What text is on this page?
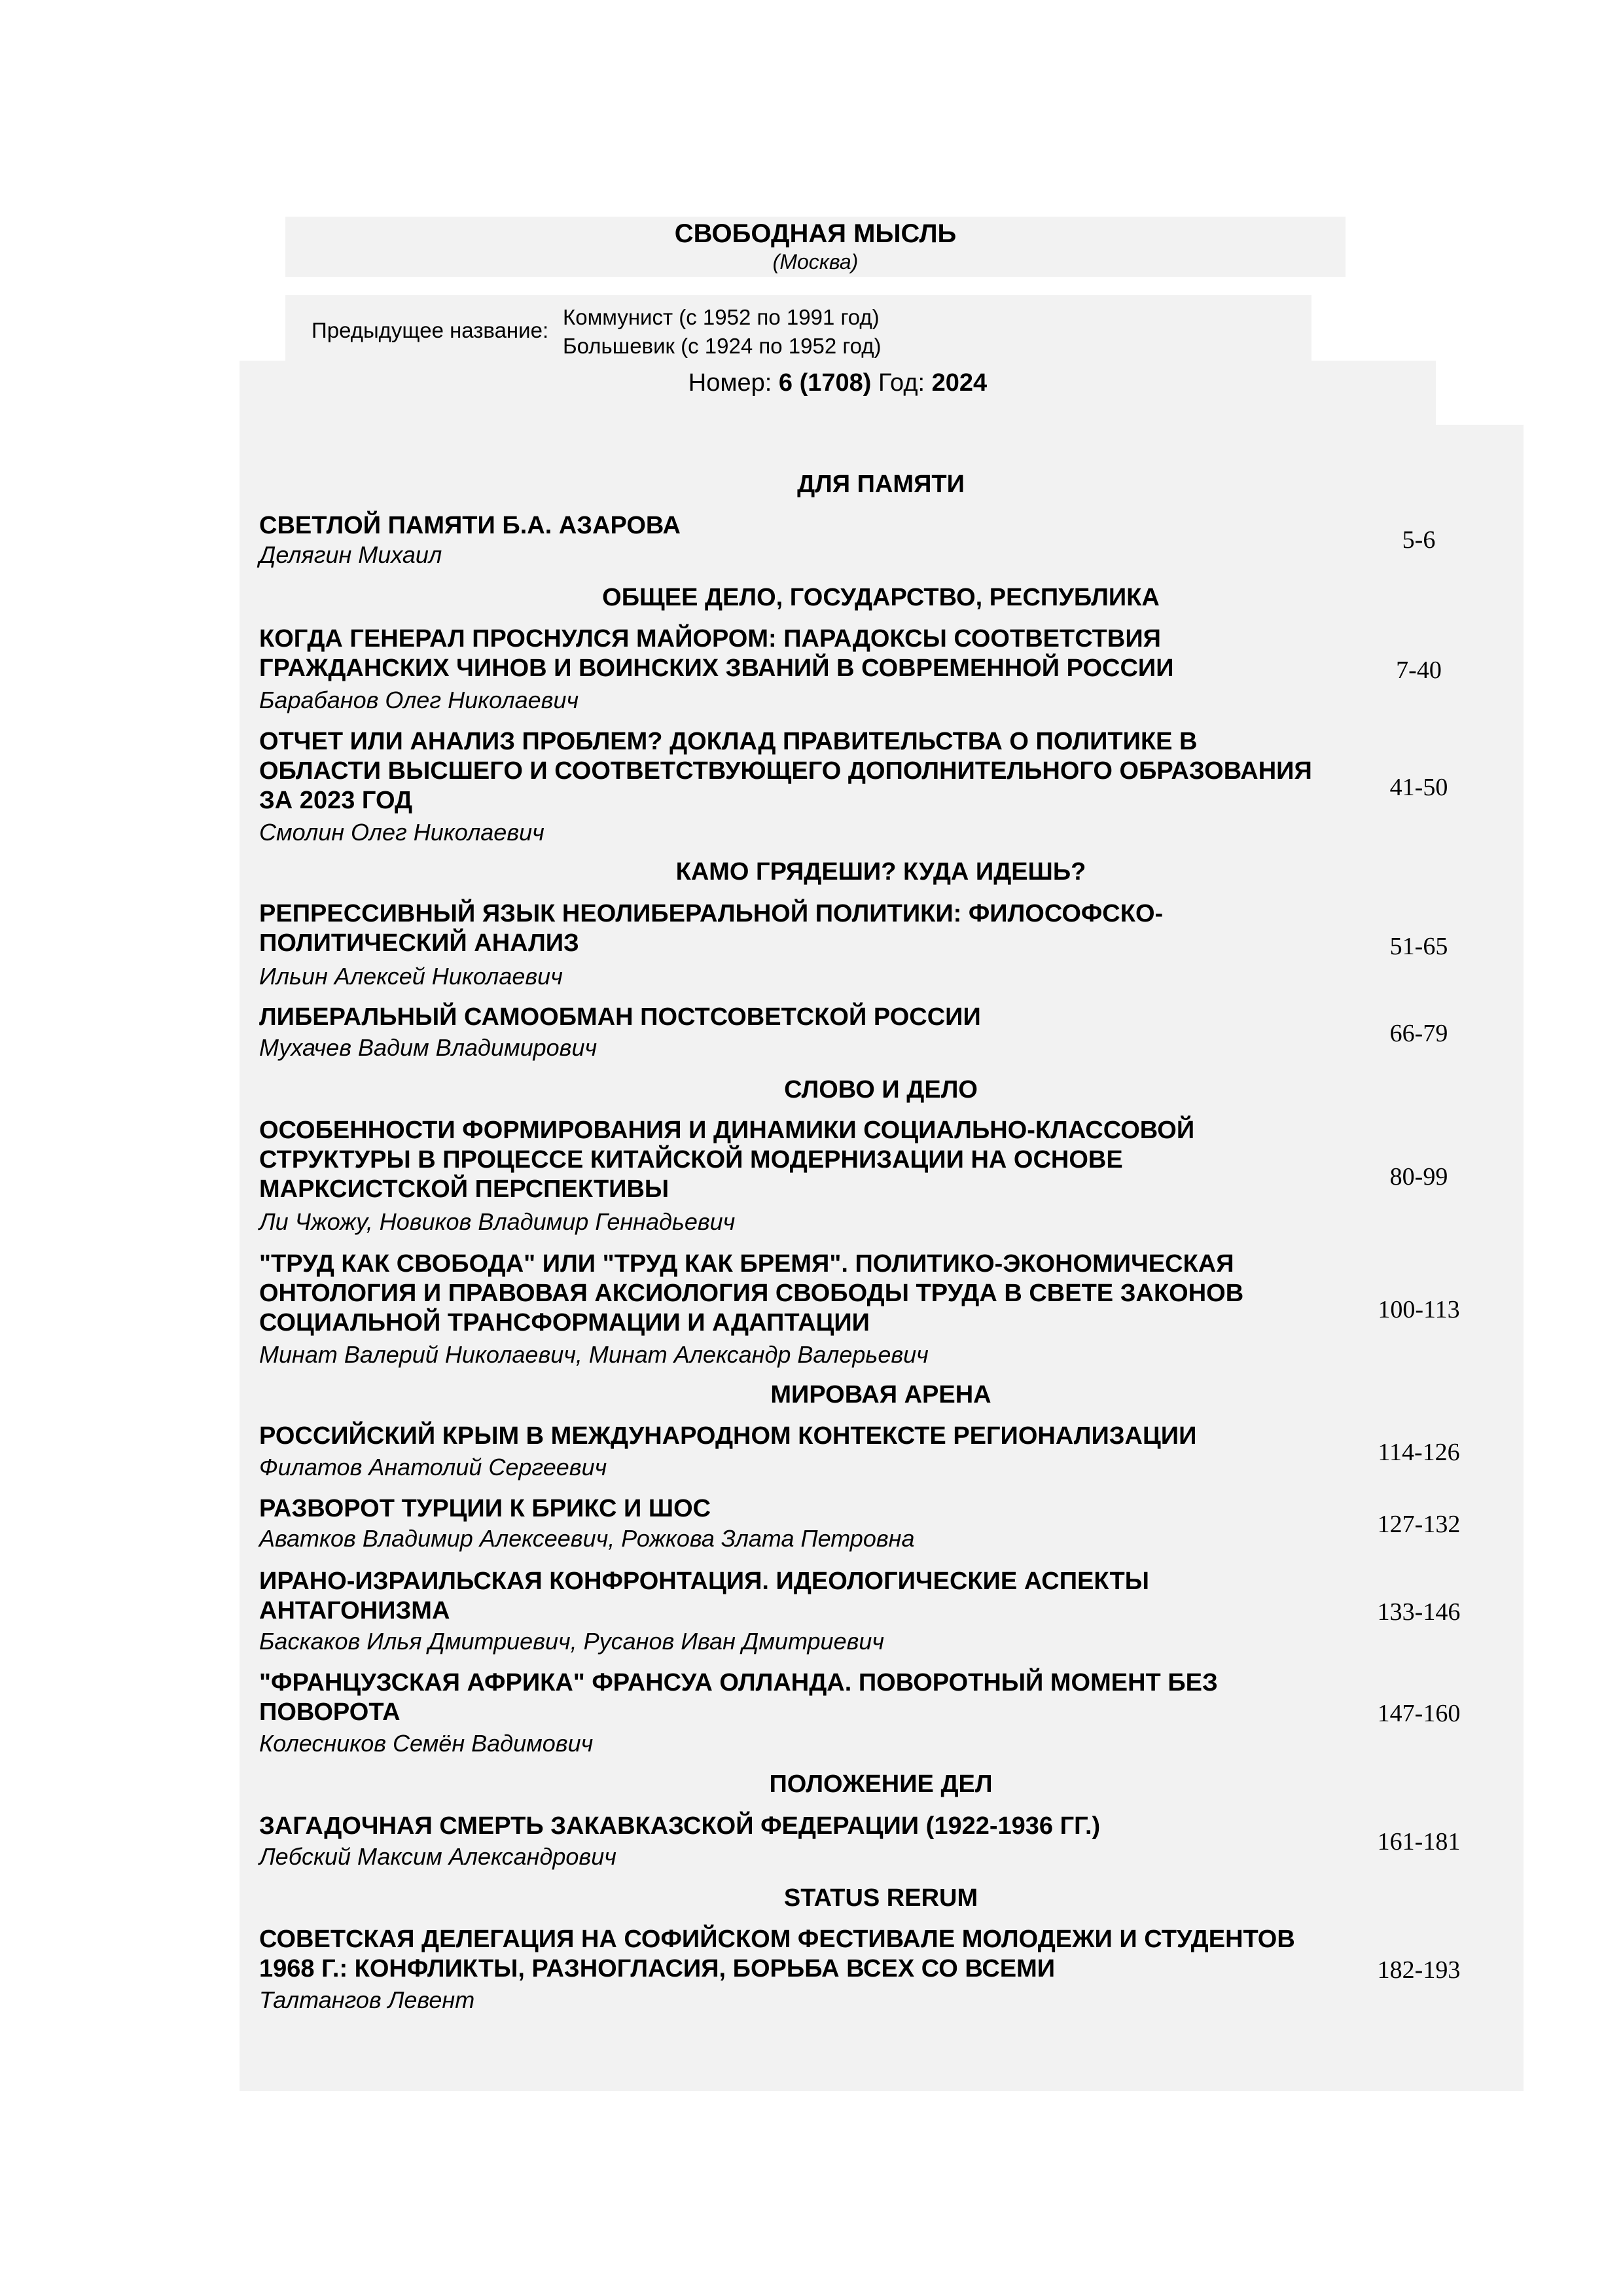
СВОБОДНАЯ МЫСЛЬ
(Москва)
Предыдущее название:
Коммунист (с 1952 по 1991 год)
Большевик (с 1924 по 1952 год)
Номер: 6 (1708) Год: 2024
ДЛЯ ПАМЯТИ
СВЕТЛОЙ ПАМЯТИ Б.А. АЗАРОВА
Делягин Михаил
5-6
ОБЩЕЕ ДЕЛО, ГОСУДАРСТВО, РЕСПУБЛИКА
КОГДА ГЕНЕРАЛ ПРОСНУЛСЯ МАЙОРОМ: ПАРАДОКСЫ СООТВЕТСТВИЯ
ГРАЖДАНСКИХ ЧИНОВ И ВОИНСКИХ ЗВАНИЙ В СОВРЕМЕННОЙ РОССИИ
Барабанов Олег Николаевич
7-40
ОТЧЕТ ИЛИ АНАЛИЗ ПРОБЛЕМ? ДОКЛАД ПРАВИТЕЛЬСТВА О ПОЛИТИКЕ В
ОБЛАСТИ ВЫСШЕГО И СООТВЕТСТВУЮЩЕГО ДОПОЛНИТЕЛЬНОГО ОБРАЗОВАНИЯ
ЗА 2023 ГОД
Смолин Олег Николаевич
41-50
КАМО ГРЯДЕШИ? КУДА ИДЕШЬ?
РЕПРЕССИВНЫЙ ЯЗЫК НЕОЛИБЕРАЛЬНОЙ ПОЛИТИКИ: ФИЛОСОФСКО-
ПОЛИТИЧЕСКИЙ АНАЛИЗ
Ильин Алексей Николаевич
51-65
ЛИБЕРАЛЬНЫЙ САМООБМАН ПОСТСОВЕТСКОЙ РОССИИ
Мухачев Вадим Владимирович
66-79
СЛОВО И ДЕЛО
ОСОБЕННОСТИ ФОРМИРОВАНИЯ И ДИНАМИКИ СОЦИАЛЬНО-КЛАССОВОЙ
СТРУКТУРЫ В ПРОЦЕССЕ КИТАЙСКОЙ МОДЕРНИЗАЦИИ НА ОСНОВЕ
МАРКСИСТСКОЙ ПЕРСПЕКТИВЫ
Ли Чжожу, Новиков Владимир Геннадьевич
80-99
"ТРУД КАК СВОБОДА" ИЛИ "ТРУД КАК БРЕМЯ". ПОЛИТИКО-ЭКОНОМИЧЕСКАЯ
ОНТОЛОГИЯ И ПРАВОВАЯ АКСИОЛОГИЯ СВОБОДЫ ТРУДА В СВЕТЕ ЗАКОНОВ
СОЦИАЛЬНОЙ ТРАНСФОРМАЦИИ И АДАПТАЦИИ
Минат Валерий Николаевич, Минат Александр Валерьевич
100-113
МИРОВАЯ АРЕНА
РОССИЙСКИЙ КРЫМ В МЕЖДУНАРОДНОМ КОНТЕКСТЕ РЕГИОНАЛИЗАЦИИ
Филатов Анатолий Сергеевич
114-126
РАЗВОРОТ ТУРЦИИ К БРИКС И ШОС
Аватков Владимир Алексеевич, Рожкова Злата Петровна
127-132
ИРАНО-ИЗРАИЛЬСКАЯ КОНФРОНТАЦИЯ. ИДЕОЛОГИЧЕСКИЕ АСПЕКТЫ
АНТАГОНИЗМА
Баскаков Илья Дмитриевич, Русанов Иван Дмитриевич
133-146
"ФРАНЦУЗСКАЯ АФРИКА" ФРАНСУА ОЛЛАНДА. ПОВОРОТНЫЙ МОМЕНТ БЕЗ
ПОВОРОТА
Колесников Семён Вадимович
147-160
ПОЛОЖЕНИЕ ДЕЛ
ЗАГАДОЧНАЯ СМЕРТЬ ЗАКАВКАЗСКОЙ ФЕДЕРАЦИИ (1922-1936 ГГ.)
Лебский Максим Александрович
161-181
STATUS RERUM
СОВЕТСКАЯ ДЕЛЕГАЦИЯ НА СОФИЙСКОМ ФЕСТИВАЛЕ МОЛОДЕЖИ И СТУДЕНТОВ
1968 Г.: КОНФЛИКТЫ, РАЗНОГЛАСИЯ, БОРЬБА ВСЕХ СО ВСЕМИ
Талтангов Левент
182-193
